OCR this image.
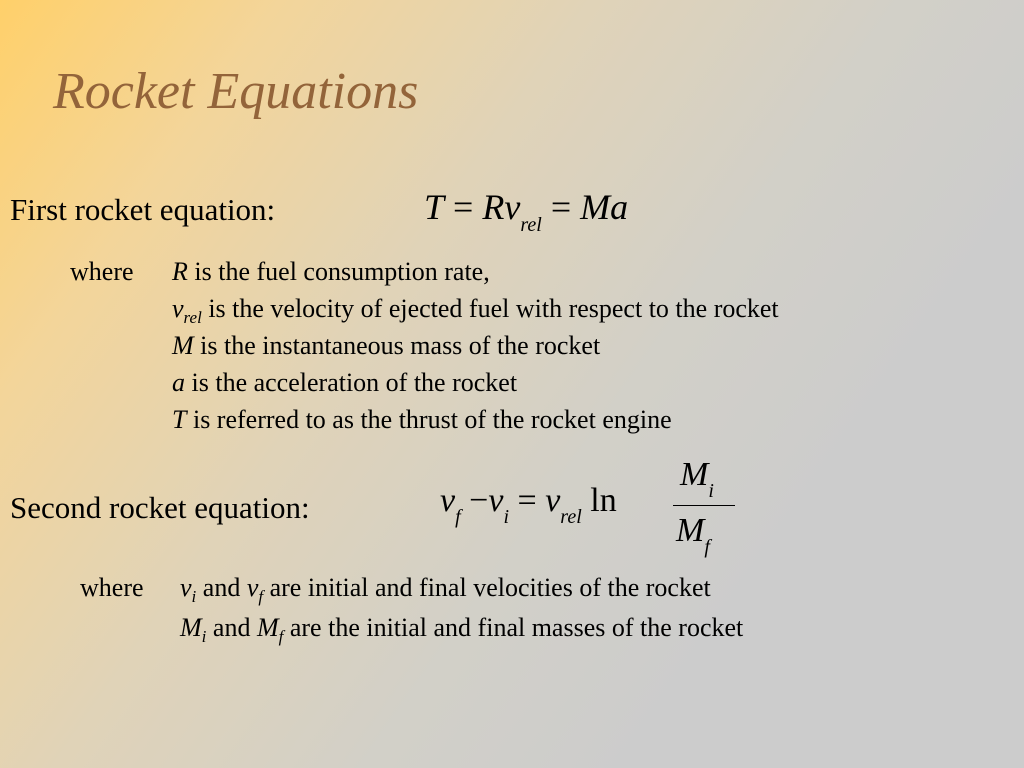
Rocket Equations
First rocket equation:	$T = Rv_{rel} = Ma$
where R is the fuel consumption rate,
$v_{rel}$ is the velocity of ejected fuel with respect to the rocket
M is the instantaneous mass of the rocket
a is the acceleration of the rocket
T is referred to as the thrust of the rocket engine
Second rocket equation:	$v_f -v_i = v_{rel}$ ln
$M_i$
$M_f$
where $v_i$ and $v_f$ are initial and final velocities of the rocket
$M_i$ and $M_f$ are the initial and final masses of the rocket
